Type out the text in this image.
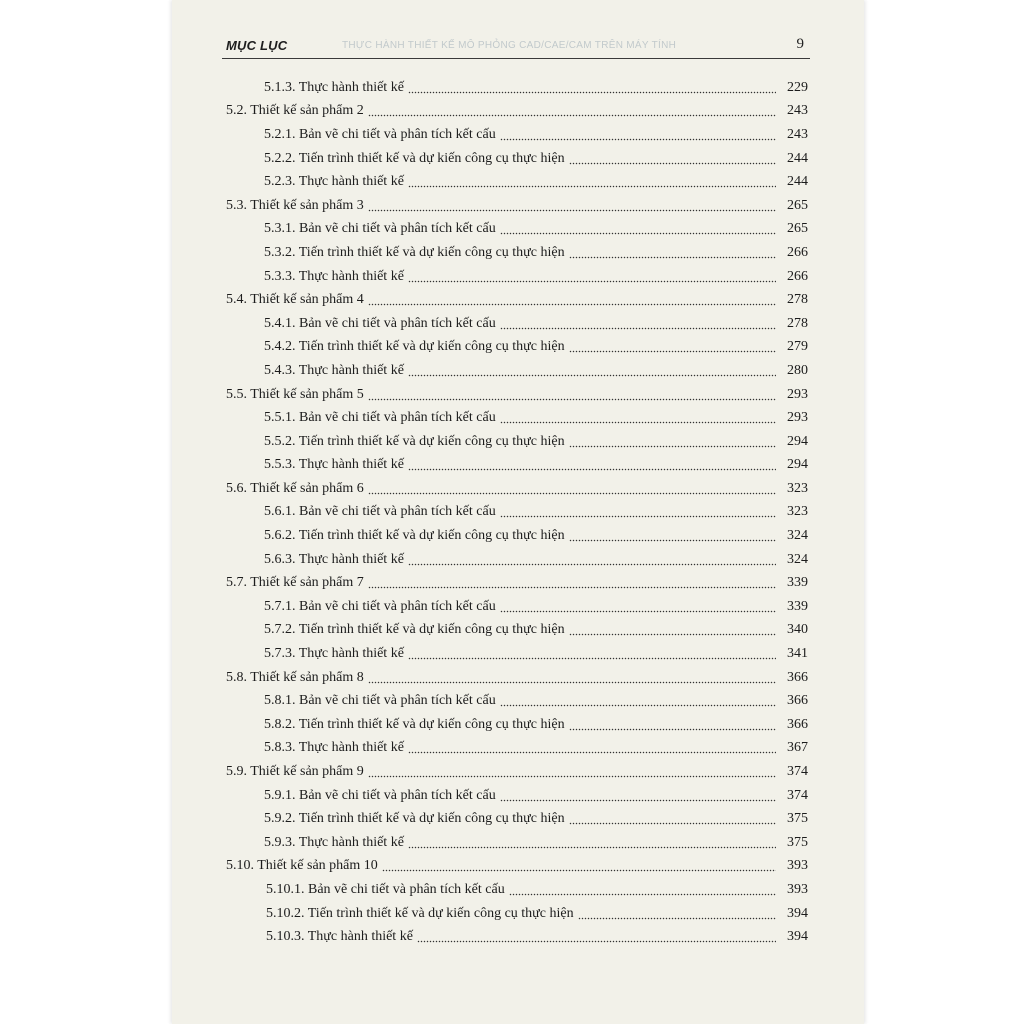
MỤC LỤC	THỰC HÀNH THIẾT KẾ MÔ PHỎNG CAD/CAE/CAM TRÊN MÁY TÍNH	9
5.1.3. Thực hành thiết kế	229
5.2. Thiết kế sản phẩm 2	243
5.2.1. Bản vẽ chi tiết và phân tích kết cấu	243
5.2.2. Tiến trình thiết kế và dự kiến công cụ thực hiện	244
5.2.3. Thực hành thiết kế	244
5.3. Thiết kế sản phẩm 3	265
5.3.1. Bản vẽ chi tiết và phân tích kết cấu	265
5.3.2. Tiến trình thiết kế và dự kiến công cụ thực hiện	266
5.3.3. Thực hành thiết kế	266
5.4. Thiết kế sản phẩm 4	278
5.4.1. Bản vẽ chi tiết và phân tích kết cấu	278
5.4.2. Tiến trình thiết kế và dự kiến công cụ thực hiện	279
5.4.3. Thực hành thiết kế	280
5.5. Thiết kế sản phẩm 5	293
5.5.1. Bản vẽ chi tiết và phân tích kết cấu	293
5.5.2. Tiến trình thiết kế và dự kiến công cụ thực hiện	294
5.5.3. Thực hành thiết kế	294
5.6. Thiết kế sản phẩm 6	323
5.6.1. Bản vẽ chi tiết và phân tích kết cấu	323
5.6.2. Tiến trình thiết kế và dự kiến công cụ thực hiện	324
5.6.3. Thực hành thiết kế	324
5.7. Thiết kế sản phẩm 7	339
5.7.1. Bản vẽ chi tiết và phân tích kết cấu	339
5.7.2. Tiến trình thiết kế và dự kiến công cụ thực hiện	340
5.7.3. Thực hành thiết kế	341
5.8. Thiết kế sản phẩm 8	366
5.8.1. Bản vẽ chi tiết và phân tích kết cấu	366
5.8.2. Tiến trình thiết kế và dự kiến công cụ thực hiện	366
5.8.3. Thực hành thiết kế	367
5.9. Thiết kế sản phẩm 9	374
5.9.1. Bản vẽ chi tiết và phân tích kết cấu	374
5.9.2. Tiến trình thiết kế và dự kiến công cụ thực hiện	375
5.9.3. Thực hành thiết kế	375
5.10. Thiết kế sản phẩm 10	393
5.10.1. Bản vẽ chi tiết và phân tích kết cấu	393
5.10.2. Tiến trình thiết kế và dự kiến công cụ thực hiện	394
5.10.3. Thực hành thiết kế	394
